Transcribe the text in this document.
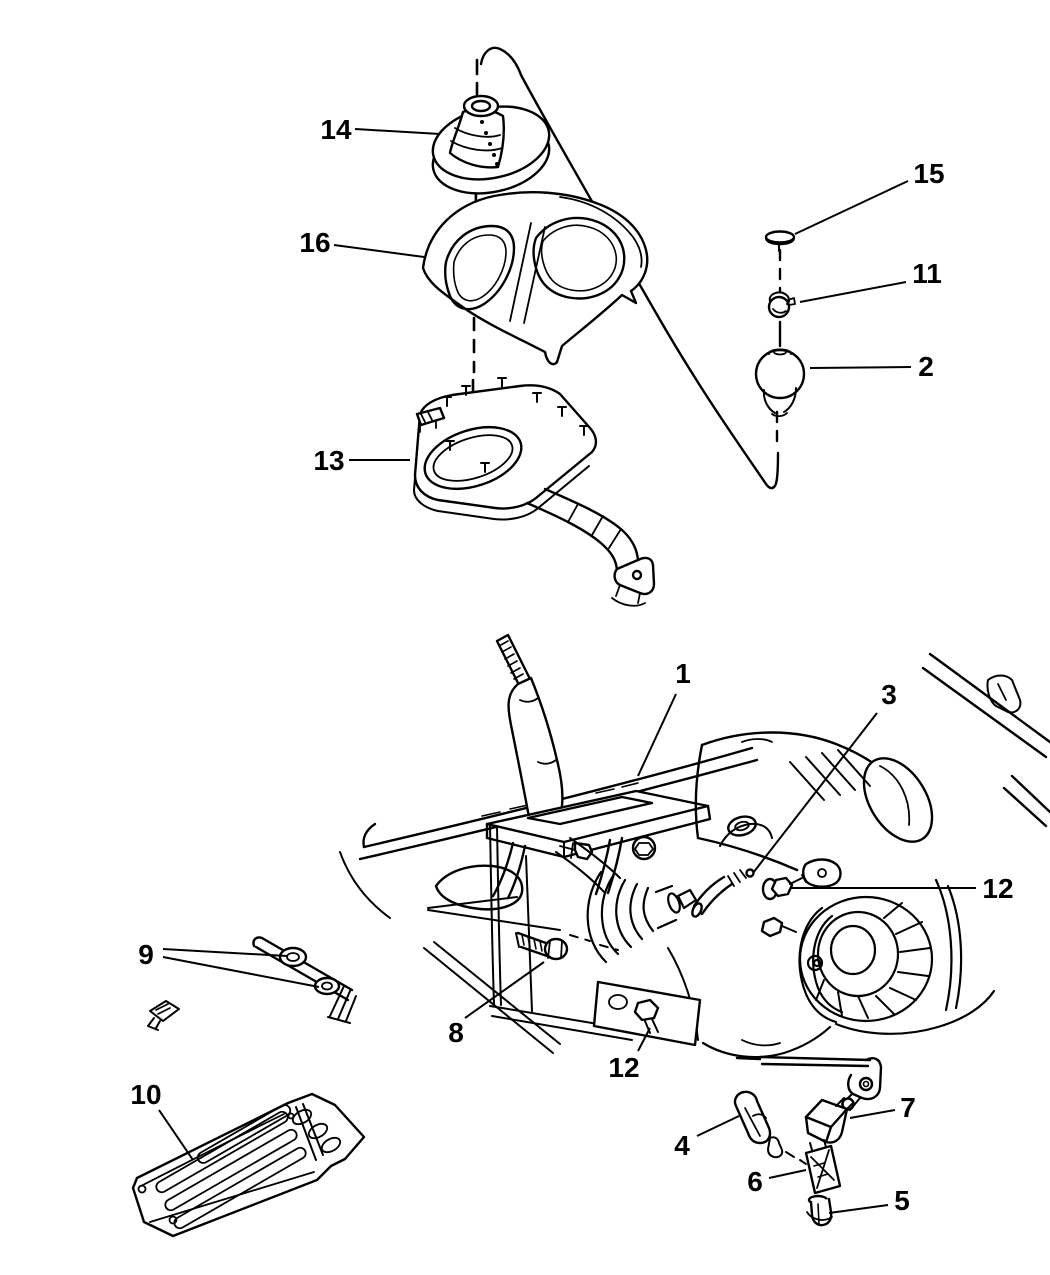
14
16
13
15
11
2
1
3
12
9
8
12
10
4
7
6
5
